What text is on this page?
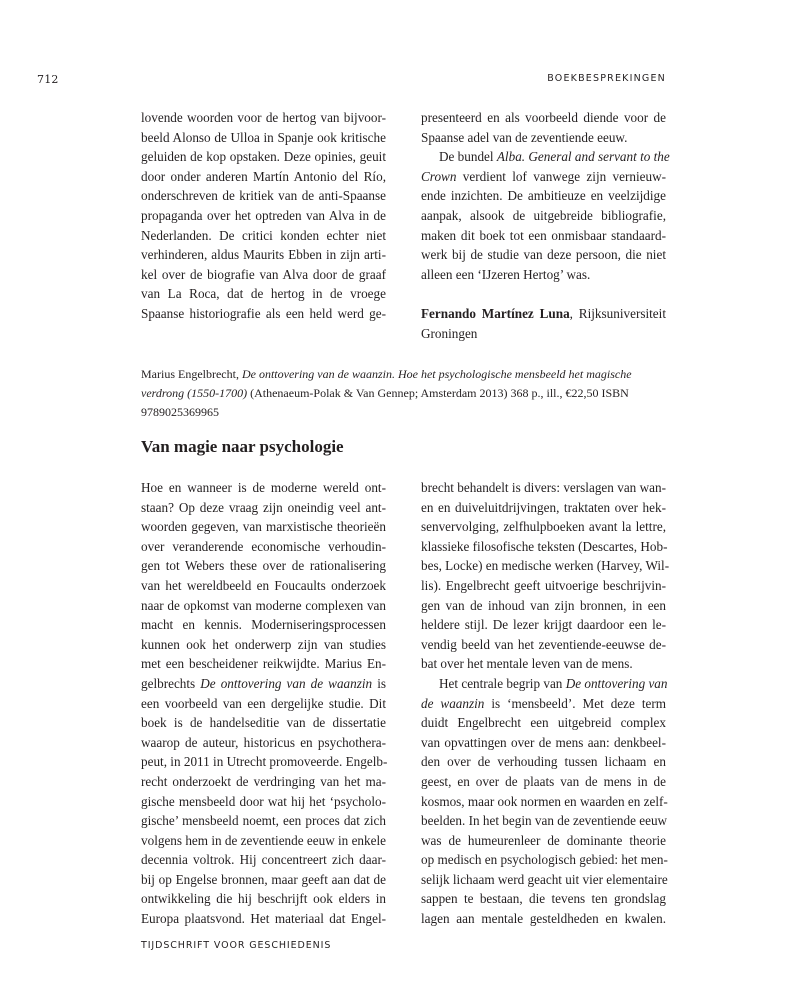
712	BOEKBESPREKINGEN

lovende woorden voor de hertog van bijvoor-
beeld Alonso de Ulloa in Spanje ook kritische
geluiden de kop opstaken. Deze opinies, geuit
door onder anderen Martín Antonio del Río,
onderschreven de kritiek van de anti-Spaanse
propaganda over het optreden van Alva in de
Nederlanden. De critici konden echter niet
verhinderen, aldus Maurits Ebben in zijn arti-
kel over de biografie van Alva door de graaf
van La Roca, dat de hertog in de vroege
Spaanse historiografie als een held werd ge-

presenteerd en als voorbeeld diende voor de
Spaanse adel van de zeventiende eeuw.

De bundel Alba. General and servant to the
Crown verdient lof vanwege zijn vernieuw-
ende inzichten. De ambitieuze en veelzijdige
aanpak, alsook de uitgebreide bibliografie,
maken dit boek tot een onmisbaar standaard-
werk bij de studie van deze persoon, die niet
alleen een ‘IJzeren Hertog’ was.

Fernando Martínez Luna, Rijksuniversiteit
Groningen

Marius Engelbrecht, De onttovering van de waanzin. Hoe het psychologische mensbeeld het magische
verdrong (1550-1700) (Athenaeum-Polak & Van Gennep; Amsterdam 2013) 368 p., ill., €22,50 ISBN
9789025369965
Van magie naar psychologie

Hoe en wanneer is de moderne wereld ont-
staan? Op deze vraag zijn oneindig veel ant-
woorden gegeven, van marxistische theorieën
over veranderende economische verhoudin-
gen tot Webers these over de rationalisering
van het wereldbeeld en Foucaults onderzoek
naar de opkomst van moderne complexen van
macht en kennis. Moderniseringsprocessen
kunnen ook het onderwerp zijn van studies
met een bescheidener reikwijdte. Marius En-
gelbrechts De onttovering van de waanzin is
een voorbeeld van een dergelijke studie. Dit
boek is de handelseditie van de dissertatie
waarop de auteur, historicus en psychothera-
peut, in 2011 in Utrecht promoveerde. Engelb-
recht onderzoekt de verdringing van het ma-
gische mensbeeld door wat hij het ‘psycholo-
gische’ mensbeeld noemt, een proces dat zich
volgens hem in de zeventiende eeuw in enkele
decennia voltrok. Hij concentreert zich daar-
bij op Engelse bronnen, maar geeft aan dat de
ontwikkeling die hij beschrijft ook elders in
Europa plaatsvond. Het materiaal dat Engel-

brecht behandelt is divers: verslagen van wan-
en en duiveluitdrijvingen, traktaten over hek-
senvervolging, zelfhulpboeken avant la lettre,
klassieke filosofische teksten (Descartes, Hob-
bes, Locke) en medische werken (Harvey, Wil-
lis). Engelbrecht geeft uitvoerige beschrijvin-
gen van de inhoud van zijn bronnen, in een
heldere stijl. De lezer krijgt daardoor een le-
vendig beeld van het zeventiende-eeuwse de-
bat over het mentale leven van de mens.

Het centrale begrip van De onttovering van
de waanzin is ‘mensbeeld’. Met deze term
duidt Engelbrecht een uitgebreid complex
van opvattingen over de mens aan: denkbeel-
den over de verhouding tussen lichaam en
geest, en over de plaats van de mens in de
kosmos, maar ook normen en waarden en zelf-
beelden. In het begin van de zeventiende eeuw
was de humeurenleer de dominante theorie
op medisch en psychologisch gebied: het men-
selijk lichaam werd geacht uit vier elementaire
sappen te bestaan, die tevens ten grondslag
lagen aan mentale gesteldheden en kwalen.

TIJDSCHRIFT VOOR GESCHIEDENIS
